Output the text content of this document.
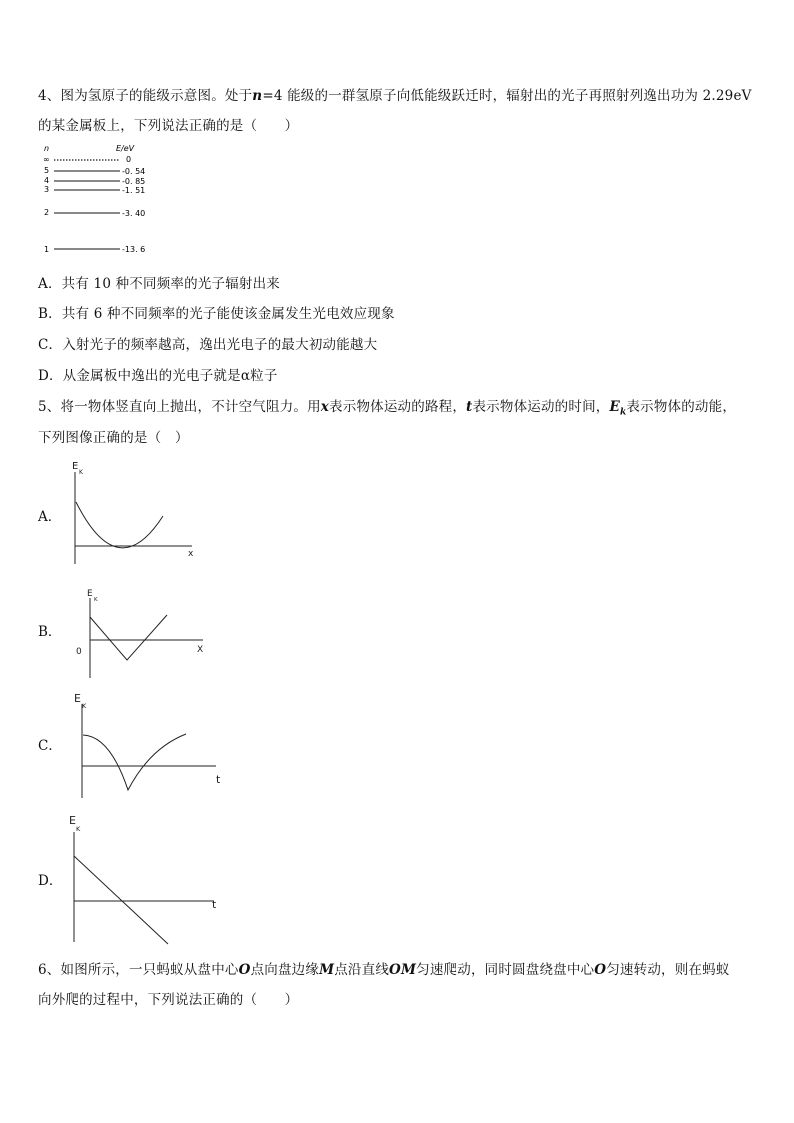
4、图为氢原子的能级示意图。处于n=4 能级的一群氢原子向低能级跃迁时，辐射出的光子再照射列逸出功为 2.29eV
的某金属板上，下列说法正确的是（　　）
n	E/eV
∞	0
5	-0. 54
4	-0. 85
3	-1. 51
2	-3. 40
1	-13. 6
A．共有 10 种不同频率的光子辐射出来
B．共有 6 种不同频率的光子能使该金属发生光电效应现象
C．入射光子的频率越高，逸出光电子的最大初动能越大
D．从金属板中逸出的光电子就是α粒子
5、将一物体竖直向上抛出，不计空气阻力。用x表示物体运动的路程，t表示物体运动的时间，$E_k$表示物体的动能，
下列图像正确的是（　）
A．
E
K
x
B．
E
K
0	X
C．
E
K
t
D．
E
K
t
6、如图所示，一只蚂蚁从盘中心O点向盘边缘M点沿直线OM匀速爬动，同时圆盘绕盘中心O匀速转动，则在蚂蚁
向外爬的过程中，下列说法正确的（　　）
